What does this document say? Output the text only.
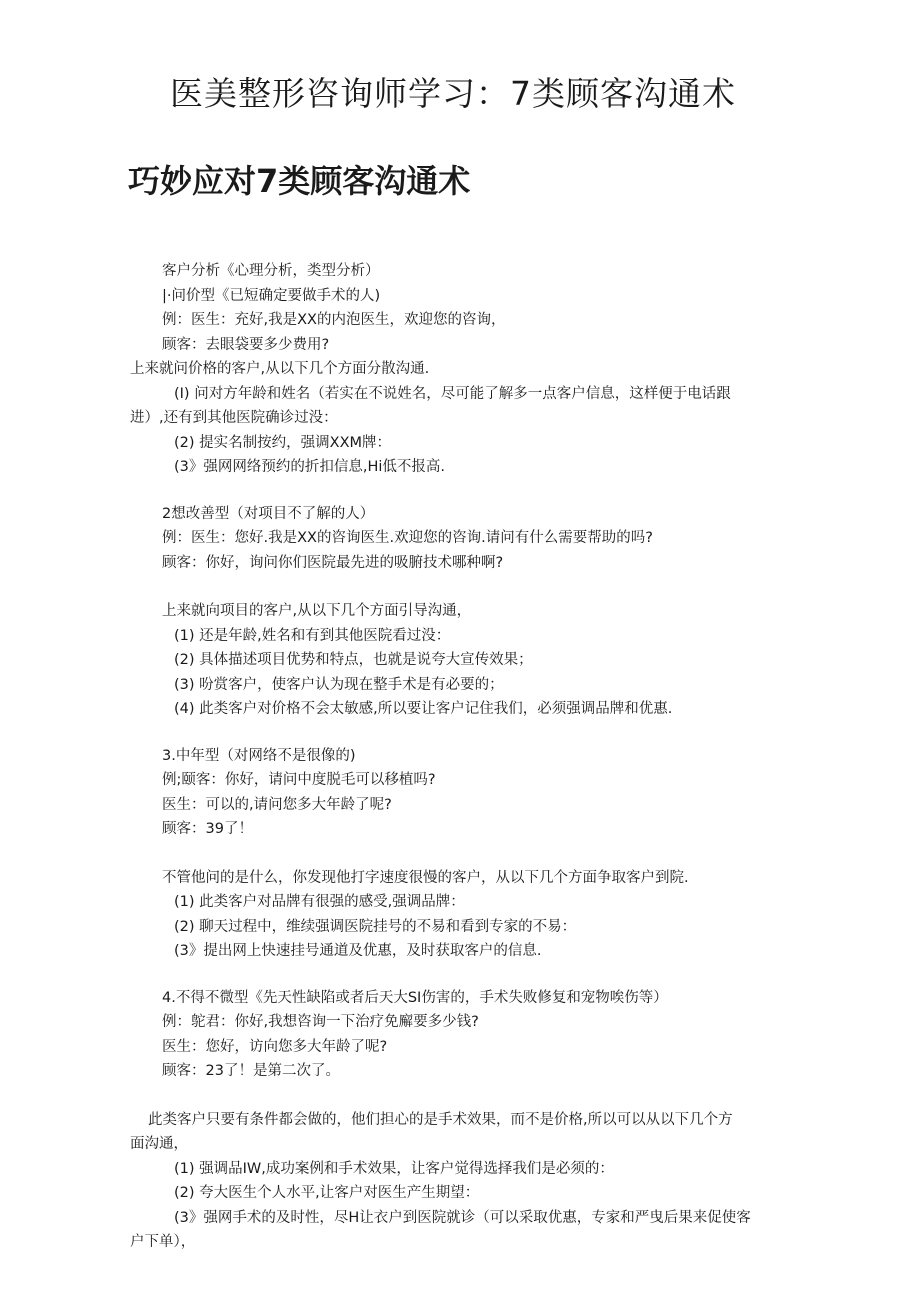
医美整形咨询师学习：7类顾客沟通术
巧妙应对7类顾客沟通术
客户分析《心理分析，类型分析）
|·问价型《已短确定要做手术的人)
例：医生：充好,我是XX的内泡医生，欢迎您的咨询，
顾客：去眼袋要多少费用?
上来就问价格的客户,从以下几个方面分散沟通.
(I) 问对方年龄和姓名（若实在不说姓名，尽可能了解多一点客户信息，这样便于电话跟
进）,还有到其他医院确诊过没：
(2) 提实名制按约，强调XXM牌：
(3》强网网络预约的折扣信息,Hi低不报高.
2想改善型（对项目不了解的人）
例：医生：您好.我是XX的咨询医生.欢迎您的咨询.请问有什么需要帮助的吗?
顾客：你好，询问你们医院最先进的吸腑技术哪种啊?
上来就向项目的客户,从以下几个方面引导沟通，
(1) 还是年龄,姓名和有到其他医院看过没：
(2) 具体描述项目优势和特点，也就是说夸大宣传效果；
(3) 吩赏客户，使客户认为现在整手术是有必要的；
(4) 此类客户对价格不会太敏感,所以要让客户记住我们，必须强调品牌和优惠.
3.中年型（对网络不是很像的)
例;颐客：你好，请问中度脱毛可以移植吗?
医生：可以的,请问您多大年龄了呢?
顾客：39了！
不管他问的是什么，你发现他打字速度很慢的客户，从以下几个方面争取客户到院.
(1) 此类客户对品牌有很强的感受,强调品牌：
(2) 聊天过程中，维续强调医院挂号的不易和看到专家的不易：
(3》提出网上快速挂号通道及优惠，及时获取客户的信息.
4.不得不微型《先天性缺陷或者后天大SI伤害的，手术失败修复和宠物唉伤等）
例：鸵君：你好,我想咨询一下治疗免廨要多少钱?
医生：您好，访向您多大年龄了呢?
顾客：23了！是第二次了。
此类客户只要有条件都会做的，他们担心的是手术效果，而不是价格,所以可以从以下几个方
面沟通，
(1) 强调品IW,成功案例和手术效果，让客户觉得选择我们是必须的：
(2) 夸大医生个人水平,让客户对医生产生期望：
(3》强网手术的及时性，尽H让衣户到医院就诊（可以采取优惠，专家和严曳后果来促使客
户下单），
